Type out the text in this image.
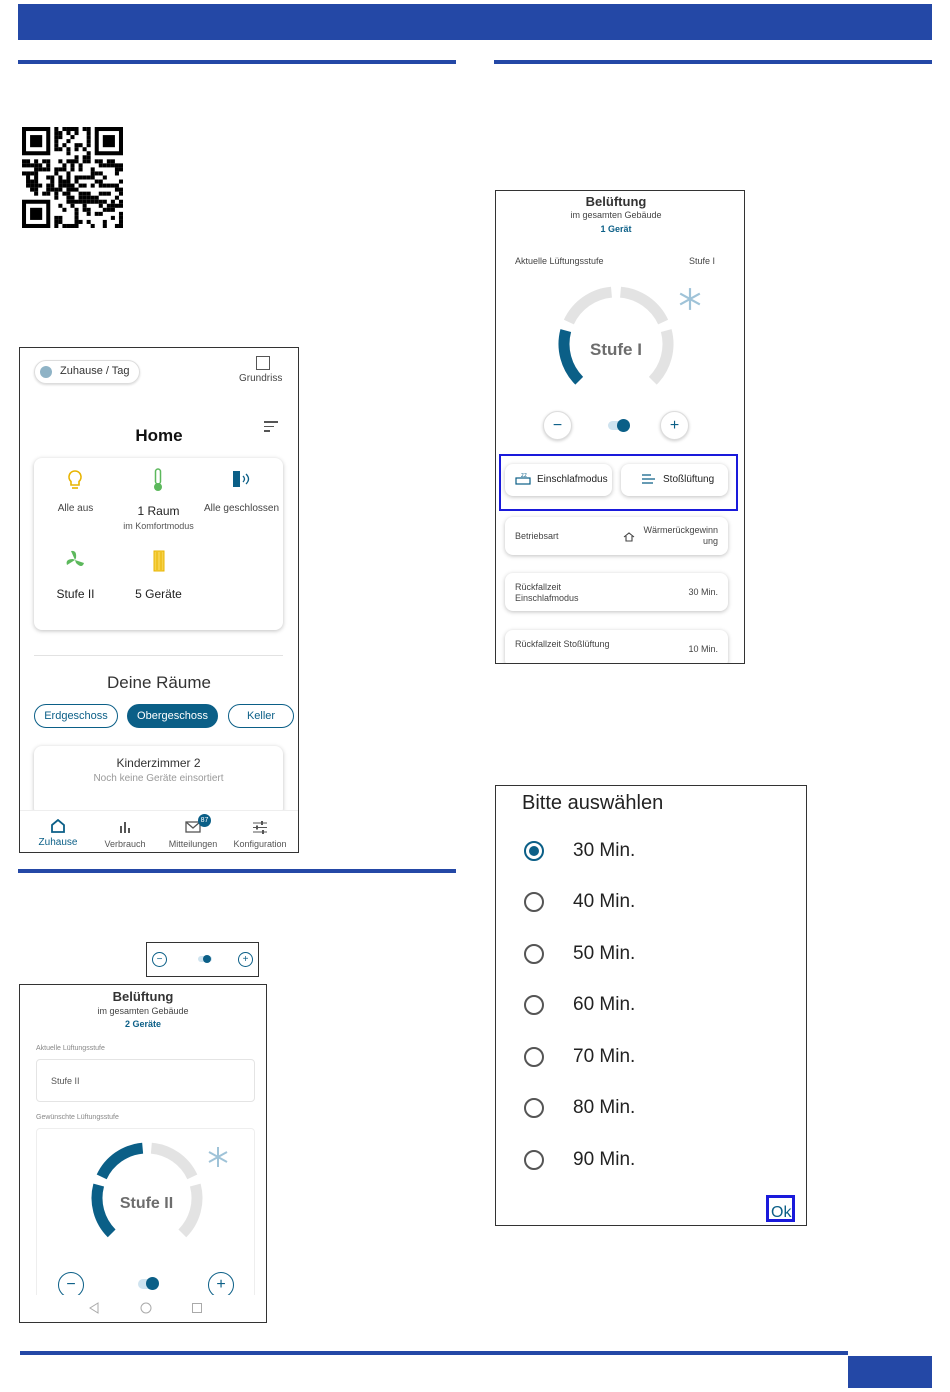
Zuhause / Tag
Grundriss
Home
Alle aus	1 Raum
im Komfortmodus
Alle geschlossen
Stufe II	5 Geräte
Deine Räume
Erdgeschoss	Obergeschoss	Keller
Kinderzimmer 2
Noch keine Geräte einsortiert
Zuhause	Verbrauch
87
Mitteilungen	Konfiguration
−	+
Belüftung
im gesamten Gebäude
2 Geräte
Aktuelle Lüftungsstufe
Stufe II
Gewünschte Lüftungsstufe
Stufe II
−	+
Belüftung
im gesamten Gebäude
1 Gerät
Aktuelle Lüftungsstufe	Stufe I
Stufe I
−	+
zz Einschlafmodus	Stoßlüftung
Betriebsart
Wärmerückgewinn ung
Rückfallzeit Einschlafmodus
30 Min.
Rückfallzeit Stoßlüftung	10 Min.
Bitte auswählen
30 Min.
40 Min.
50 Min.
60 Min.
70 Min.
80 Min.
90 Min.
Ok
